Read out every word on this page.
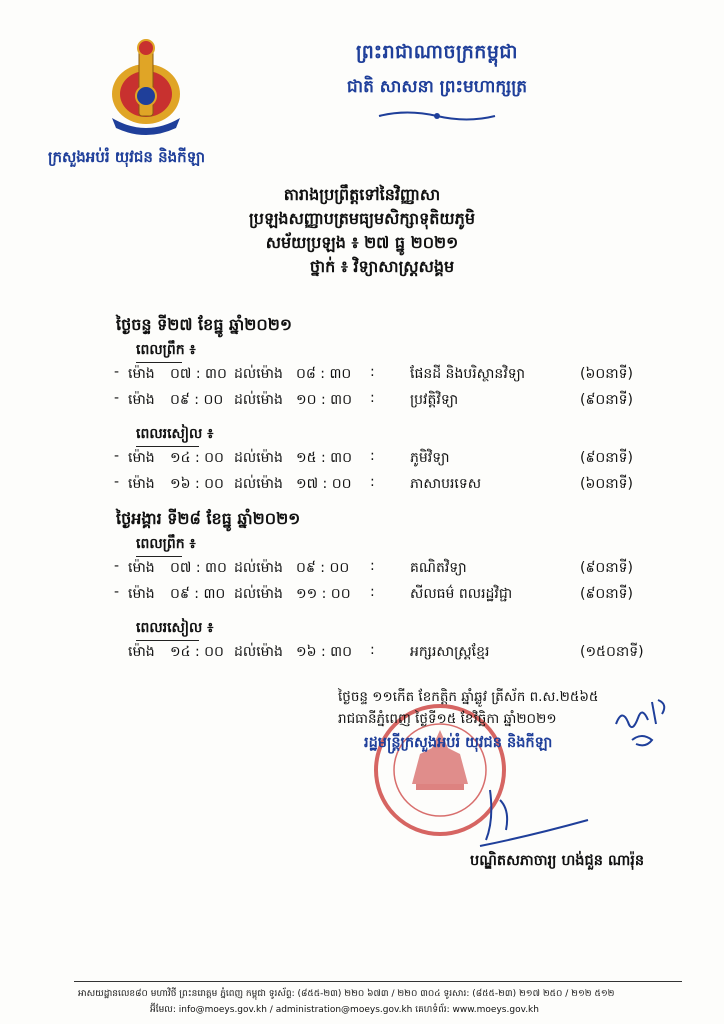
ព្រះរាជាណាចក្រកម្ពុជា
ជាតិ សាសនា ព្រះមហាក្សត្រ
ក្រសួងអប់រំ យុវជន និងកីឡា
តារាងប្រព្រឹត្តទៅនៃវិញ្ញាសា
ប្រឡងសញ្ញាបត្រមធ្យមសិក្សាទុតិយភូមិ
សម័យប្រឡង ៖ ២៧ ធ្នូ ២០២១
ថ្នាក់ ៖ វិទ្យាសាស្ត្រសង្គម
ថ្ងៃចន្ទ ទី២៧ ខែធ្នូ ឆ្នាំ២០២១
ពេលព្រឹក ៖
- ម៉ោង ០៧ : ៣០ ដល់ម៉ោង ០៨ : ៣០ :	ផែនដី និងបរិស្ថានវិទ្យា	(៦០នាទី)
- ម៉ោង ០៩ : ០០ ដល់ម៉ោង ១០ : ៣០ :	ប្រវត្តិវិទ្យា	(៩០នាទី)
ពេលរសៀល ៖
- ម៉ោង ១៤ : ០០ ដល់ម៉ោង ១៥ : ៣០ :	ភូមិវិទ្យា	(៩០នាទី)
- ម៉ោង ១៦ : ០០ ដល់ម៉ោង ១៧ : ០០ :	ភាសាបរទេស	(៦០នាទី)
ថ្ងៃអង្គារ ទី២៨ ខែធ្នូ ឆ្នាំ២០២១
ពេលព្រឹក ៖
- ម៉ោង ០៧ : ៣០ ដល់ម៉ោង ០៩ : ០០ :	គណិតវិទ្យា	(៩០នាទី)
- ម៉ោង ០៩ : ៣០ ដល់ម៉ោង ១១ : ០០ :	សីលធម៌ ពលរដ្ឋវិជ្ជា	(៩០នាទី)
ពេលរសៀល ៖
ម៉ោង ១៤ : ០០ ដល់ម៉ោង ១៦ : ៣០ :	អក្សរសាស្ត្រខ្មែរ	(១៥០នាទី)
ថ្ងៃចន្ទ ១១កើត ខែកត្តិក ឆ្នាំឆ្លូវ ត្រីស័ក ព.ស.២៥៦៥
រាជធានីភ្នំពេញ ថ្ងៃទី១៥ ខែវិច្ឆិកា ឆ្នាំ២០២១
រដ្ឋមន្ត្រីក្រសួងអប់រំ យុវជន និងកីឡា
បណ្ឌិតសភាចារ្យ ហង់ជួន ណារ៉ុន
អាសយដ្ឋានលេខ៨០ មហាវិថី ព្រះនរោត្តម ភ្នំពេញ កម្ពុជា ទូរស័ព្ទ: (៨៥៥-២៣) ២២០ ៦៧៣ / ២២០ ៣០៤ ទូរសារ: (៨៥៥-២៣) ២១៧ ២៥០ / ២១២ ៥១២
អ៊ីមែល: info@moeys.gov.kh / administration@moeys.gov.kh គេហទំព័រ: www.moeys.gov.kh
